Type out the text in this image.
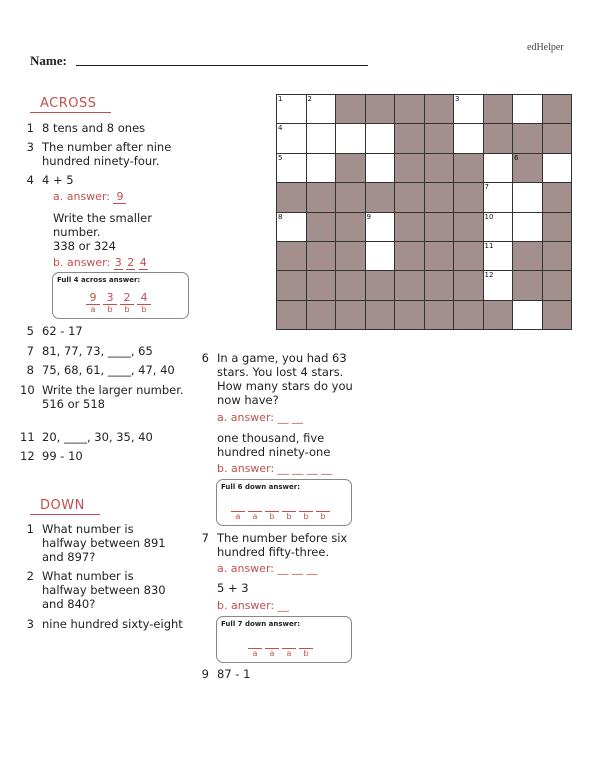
edHelper
Name:
ACROSS
1 8 tens and 8 ones
3 The number after nine
hundred ninety-four.
4 4 + 5
a. answer: 9
Write the smaller
number.
338 or 324
b. answer: 3 2 4
Full 4 across answer:
9
a
3
b
2
b
4
b
5 62 - 17
7 81, 77, 73, ____, 65
8 75, 68, 61, ____, 47, 40
10 Write the larger number.
516 or 518
11 20, ____, 30, 35, 40
12 99 - 10
DOWN
1 What number is
halfway between 891
and 897?
2 What number is
halfway between 830
and 840?
3 nine hundred sixty-eight
6 In a game, you had 63
stars. You lost 4 stars.
How many stars do you
now have?
a. answer: __ __
one thousand, five
hundred ninety-one
b. answer: __ __ __ __
Full 6 down answer:
a	a	b	b	b	b
7 The number before six
hundred fifty-three.
a. answer: __ __ __
5 + 3
b. answer: __
Full 7 down answer:
a	a	a	b
9 87 - 1
1	2	3
4
5	6
7
8	9	10
11
12
